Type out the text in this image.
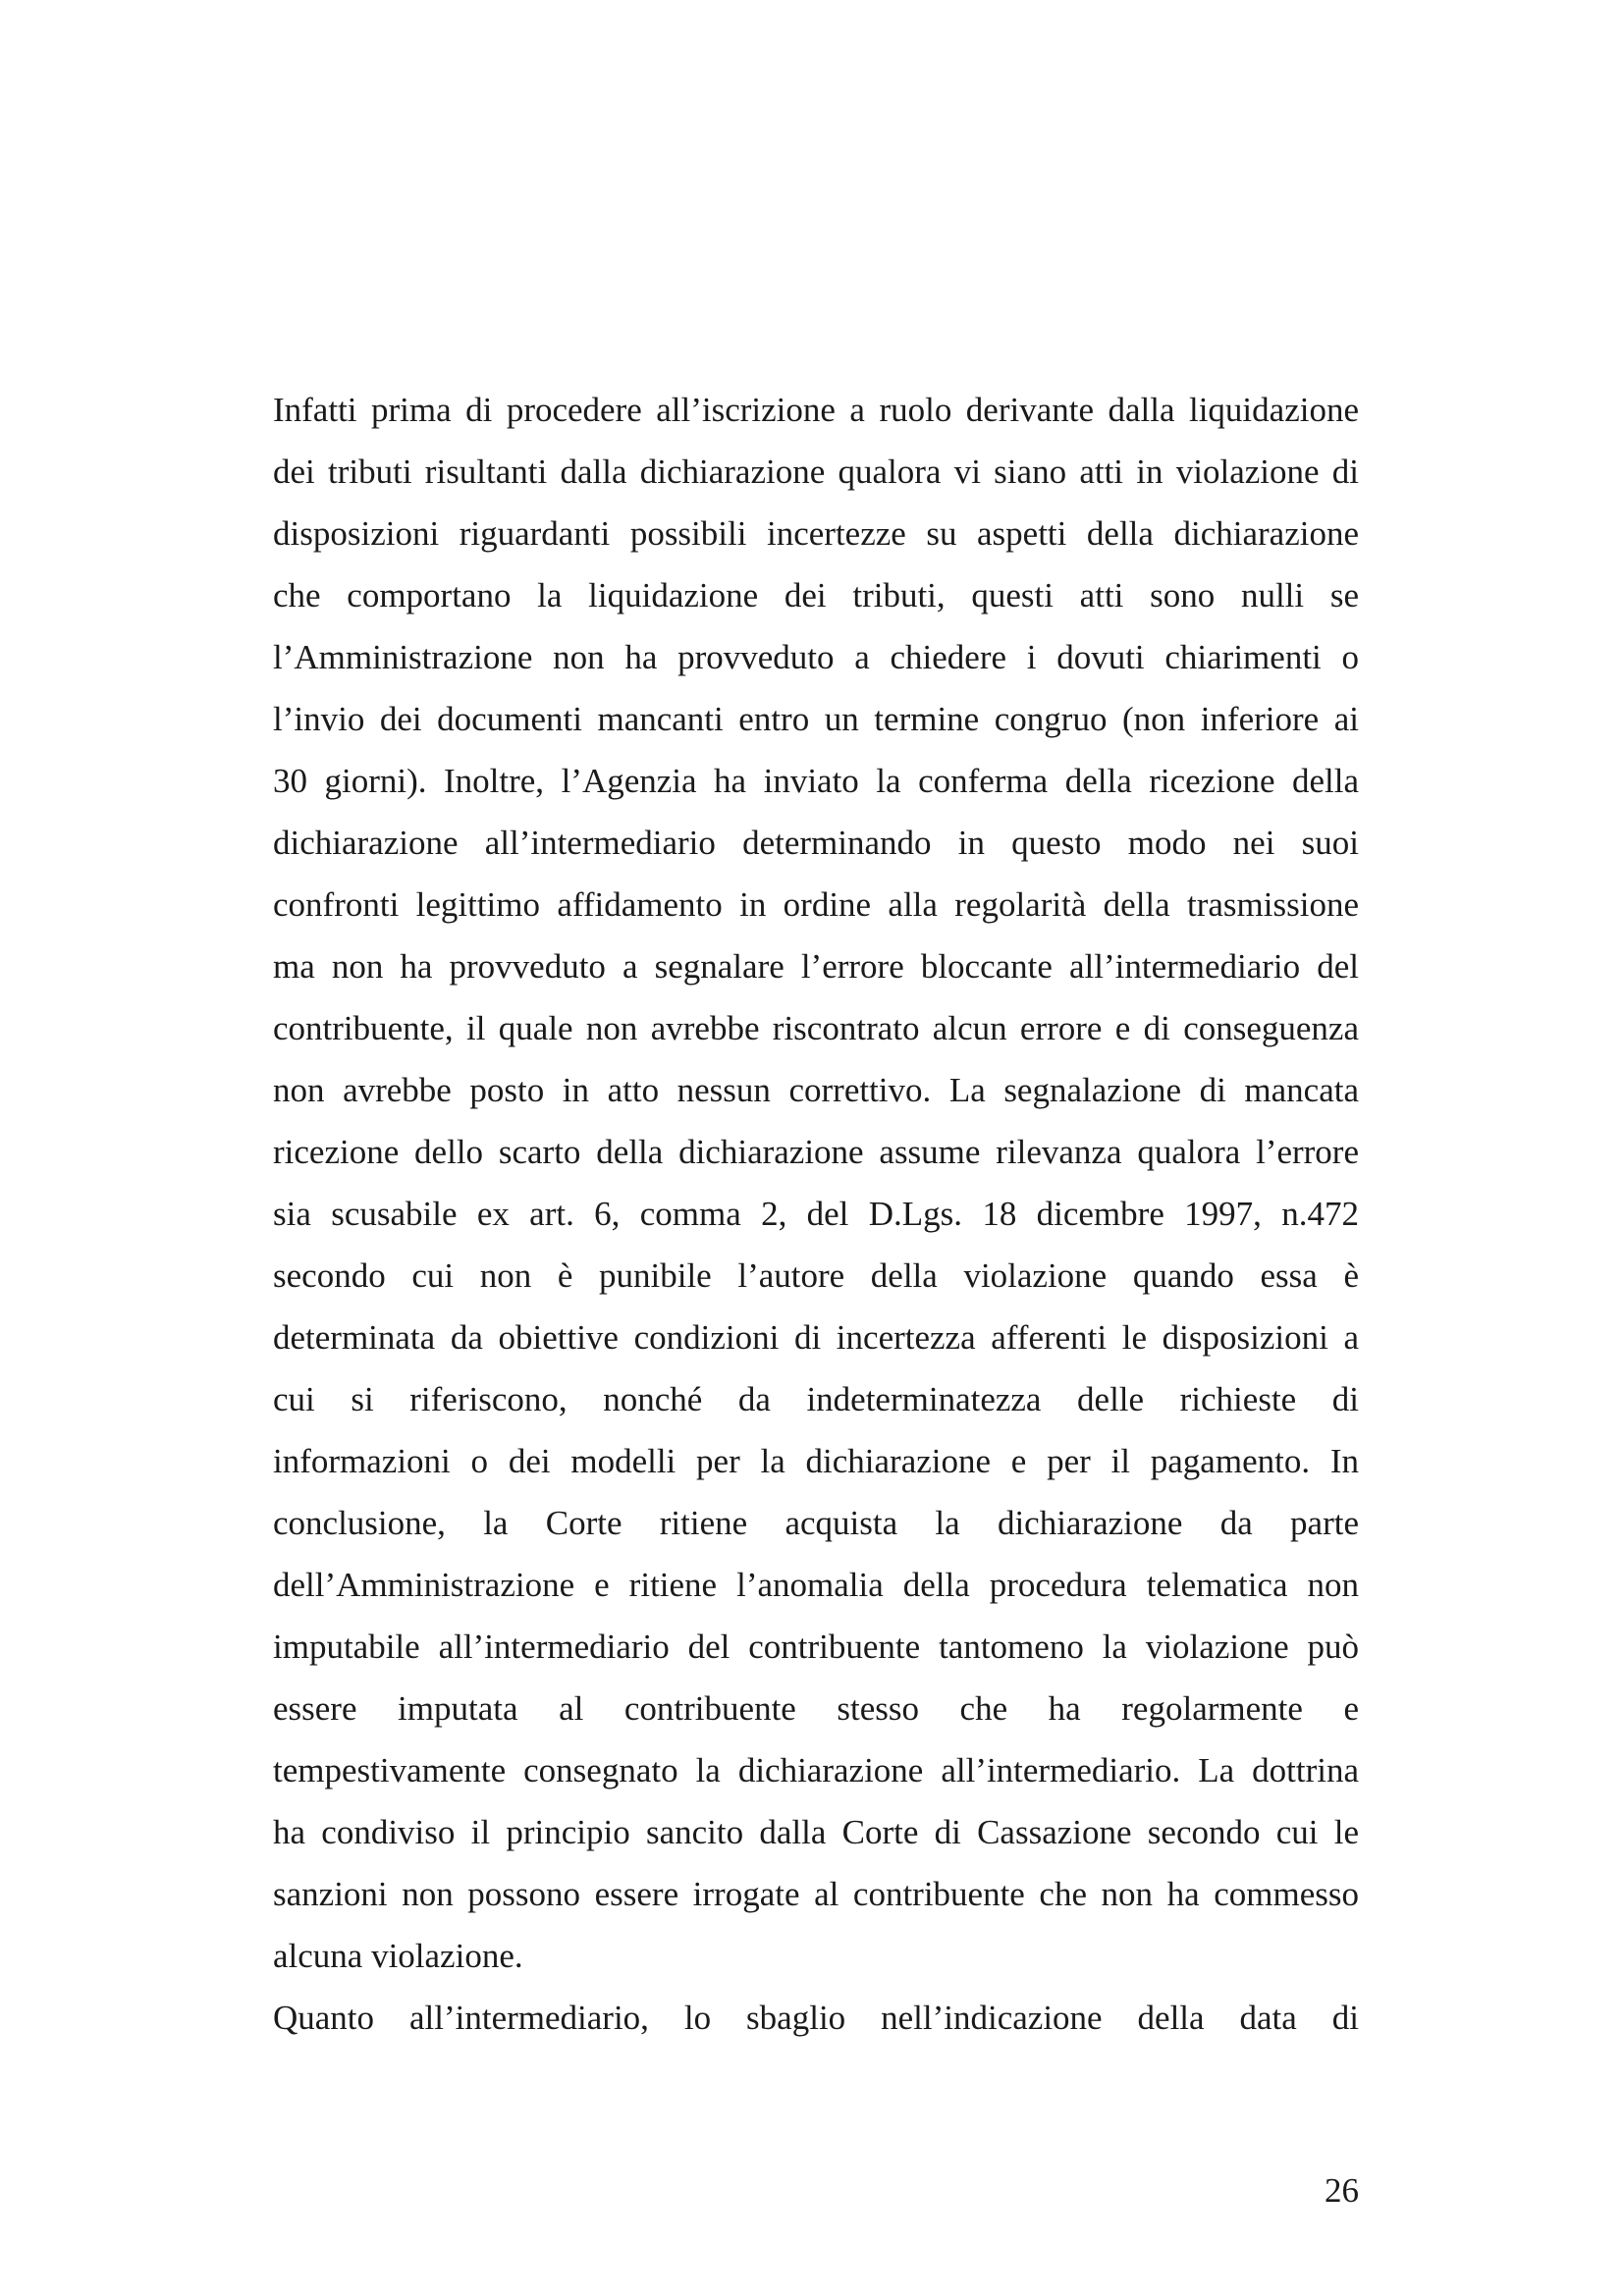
Infatti prima di procedere all’iscrizione a ruolo derivante dalla liquidazione
dei tributi risultanti dalla dichiarazione qualora vi siano atti in violazione di
disposizioni riguardanti possibili incertezze su aspetti della dichiarazione
che comportano la liquidazione dei tributi, questi atti sono nulli se
l’Amministrazione non ha provveduto a chiedere i dovuti chiarimenti o
l’invio dei documenti mancanti entro un termine congruo (non inferiore ai
30 giorni). Inoltre, l’Agenzia ha inviato la conferma della ricezione della
dichiarazione all’intermediario determinando in questo modo nei suoi
confronti legittimo affidamento in ordine alla regolarità della trasmissione
ma non ha provveduto a segnalare l’errore bloccante all’intermediario del
contribuente, il quale non avrebbe riscontrato alcun errore e di conseguenza
non avrebbe posto in atto nessun correttivo. La segnalazione di mancata
ricezione dello scarto della dichiarazione assume rilevanza qualora l’errore
sia scusabile ex art. 6, comma 2, del D.Lgs. 18 dicembre 1997, n.472
secondo cui non è punibile l’autore della violazione quando essa è
determinata da obiettive condizioni di incertezza afferenti le disposizioni a
cui si riferiscono, nonché da indeterminatezza delle richieste di
informazioni o dei modelli per la dichiarazione e per il pagamento. In
conclusione, la Corte ritiene acquista la dichiarazione da parte
dell’Amministrazione e ritiene l’anomalia della procedura telematica non
imputabile all’intermediario del contribuente tantomeno la violazione può
essere imputata al contribuente stesso che ha regolarmente e
tempestivamente consegnato la dichiarazione all’intermediario. La dottrina
ha condiviso il principio sancito dalla Corte di Cassazione secondo cui le
sanzioni non possono essere irrogate al contribuente che non ha commesso
alcuna violazione.
Quanto all’intermediario, lo sbaglio nell’indicazione della data di
26
